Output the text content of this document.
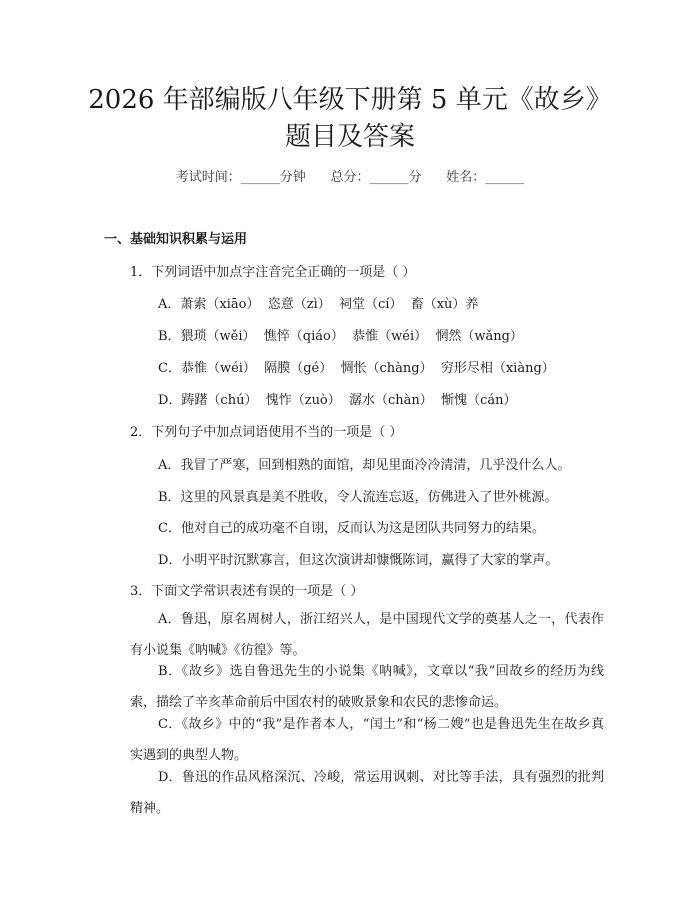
2026 年部编版八年级下册第 5 单元《故乡》
题目及答案
考试时间：______分钟      总分：______分      姓名：______
一、基础知识积累与运用
1．下列词语中加点字注音完全正确的一项是（ ）
A．萧索（xiāo）  恣意（zì）  祠堂（cí）  畜（xù）养
B．猥琐（wěi）  憔悴（qiáo）  恭惟（wéi）  惘然（wǎng）
C．恭惟（wéi）  隔膜（gé）  惆怅（chàng）  穷形尽相（xiàng）
D．踌躇（chú）  愧怍（zuò）  潺水（chàn）  惭愧（cán）
2．下列句子中加点词语使用不当的一项是（ ）
A．我冒了严寒，回到相熟的面馆，却见里面冷冷清清，几乎没什么人。
B．这里的风景真是美不胜收，令人流连忘返，仿佛进入了世外桃源。
C．他对自己的成功毫不自诩，反而认为这是团队共同努力的结果。
D．小明平时沉默寡言，但这次演讲却慷慨陈词，赢得了大家的掌声。
3．下面文学常识表述有误的一项是（ ）

A．鲁迅，原名周树人，浙江绍兴人，是中国现代文学的奠基人之一，代表作有小说集《呐喊》《彷徨》等。

B．《故乡》选自鲁迅先生的小说集《呐喊》，文章以“我”回故乡的经历为线索，描绘了辛亥革命前后中国农村的破败景象和农民的悲惨命运。

C．《故乡》中的“我”是作者本人，“闰土”和“杨二嫂”也是鲁迅先生在故乡真实遇到的典型人物。

D．鲁迅的作品风格深沉、冷峻，常运用讽刺、对比等手法，具有强烈的批判精神。
